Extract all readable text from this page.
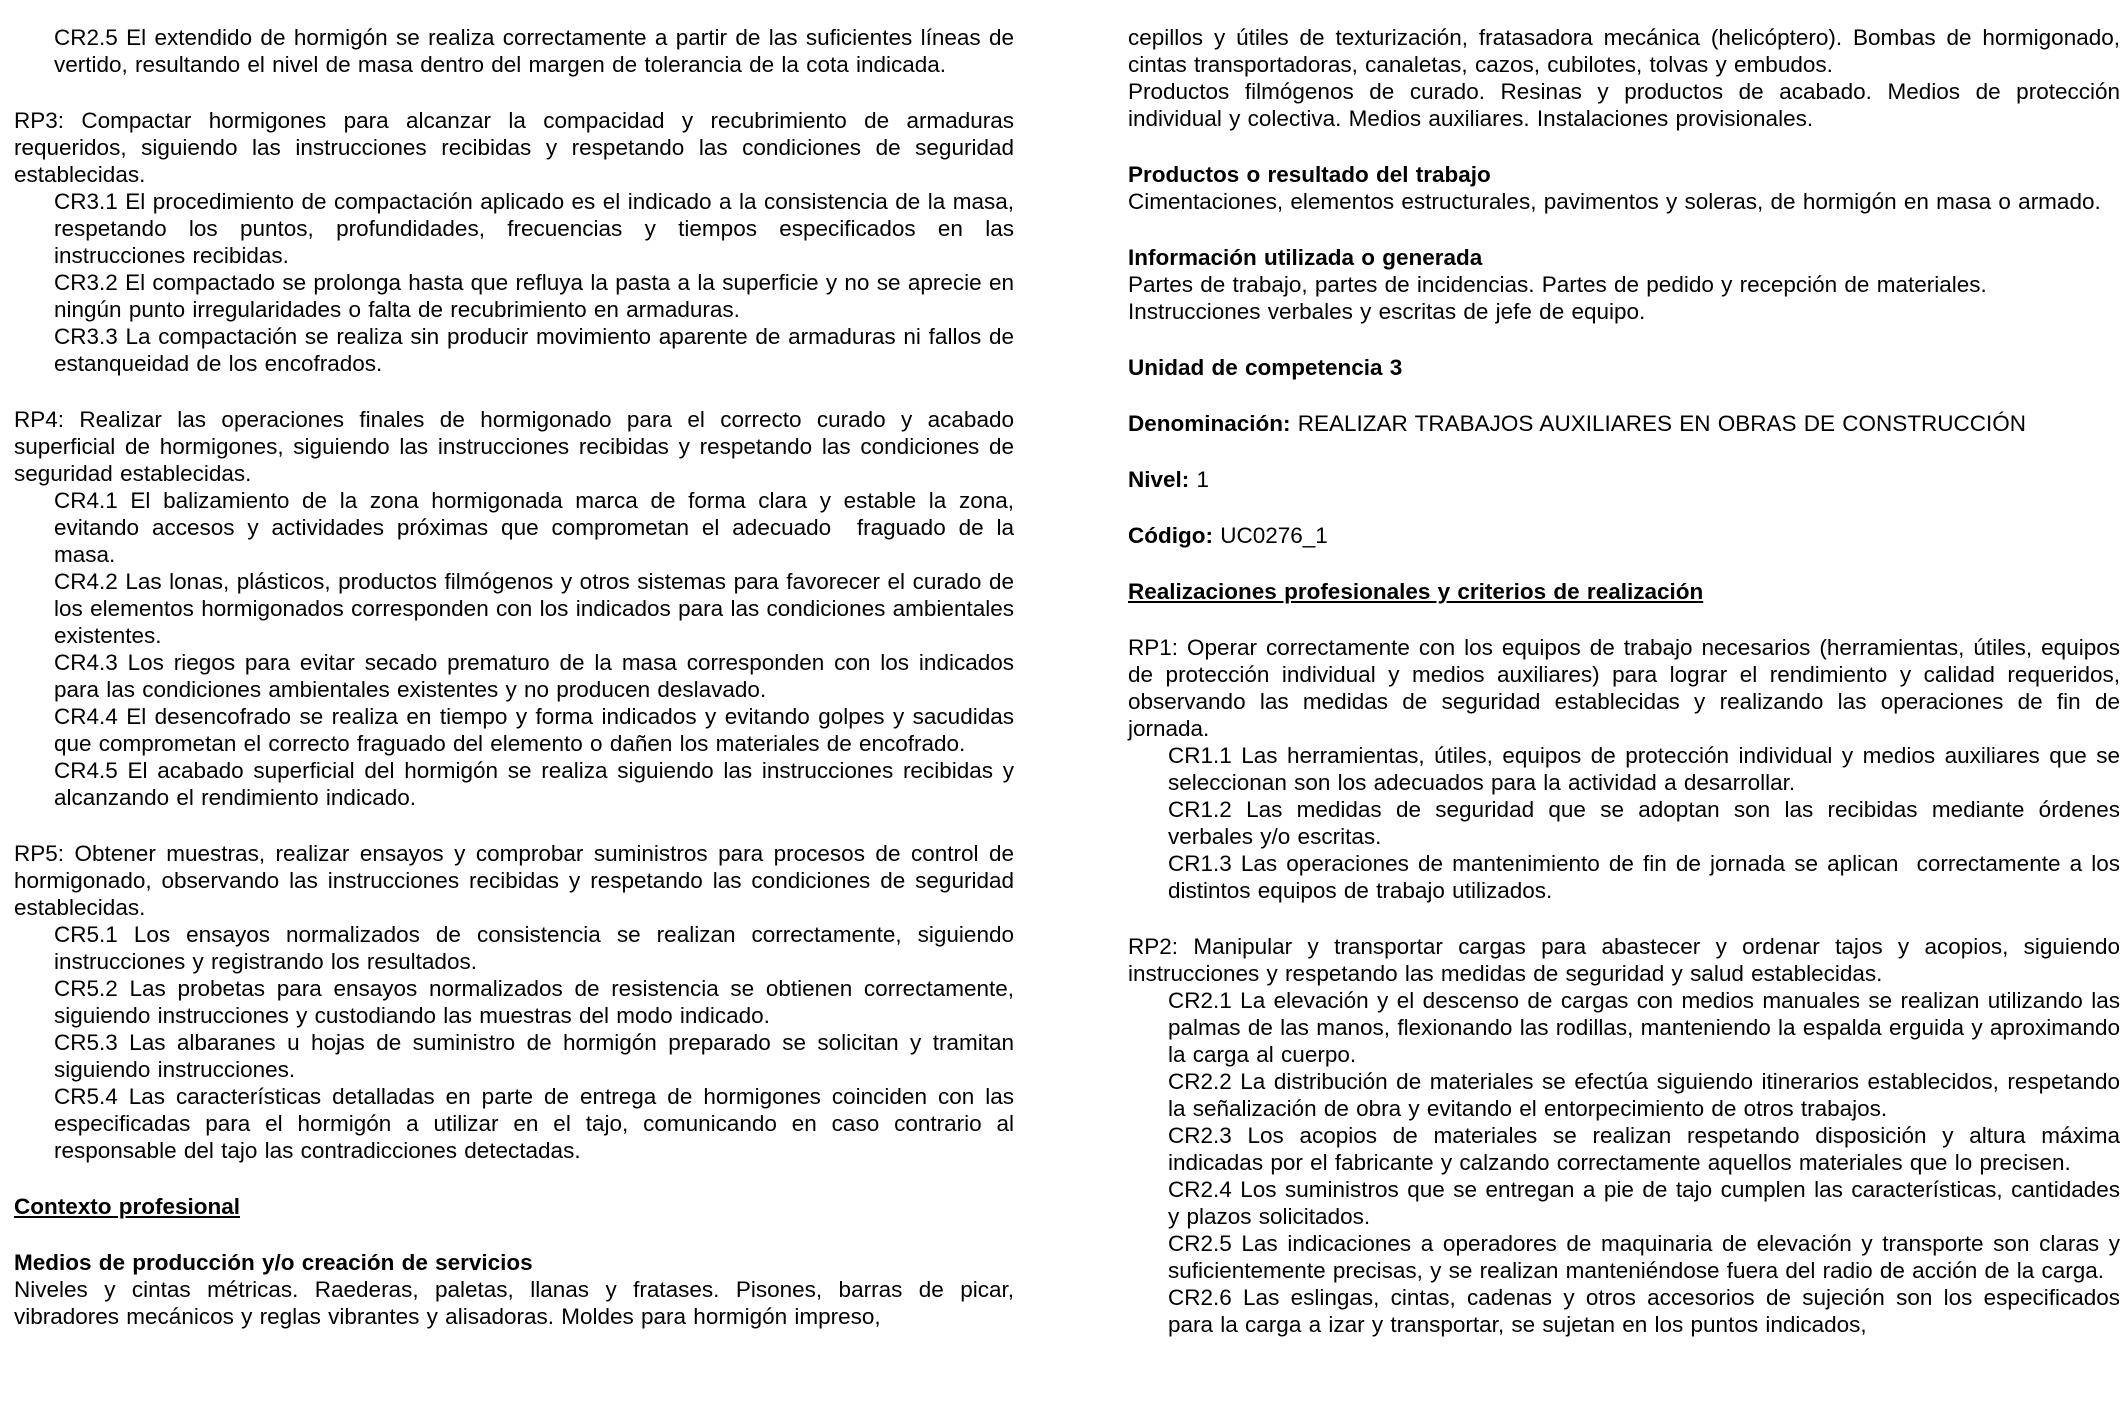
CR2.5 El extendido de hormigón se realiza correctamente a partir de las suficientes líneas de vertido, resultando el nivel de masa dentro del margen de tolerancia de la cota indicada.

RP3: Compactar hormigones para alcanzar la compacidad y recubrimiento de armaduras requeridos, siguiendo las instrucciones recibidas y respetando las condiciones de seguridad establecidas.

CR3.1 El procedimiento de compactación aplicado es el indicado a la consistencia de la masa, respetando los puntos, profundidades, frecuencias y tiempos especificados en las instrucciones recibidas.

CR3.2 El compactado se prolonga hasta que refluya la pasta a la superficie y no se aprecie en ningún punto irregularidades o falta de recubrimiento en armaduras.

CR3.3 La compactación se realiza sin producir movimiento aparente de armaduras ni fallos de estanqueidad de los encofrados.

RP4: Realizar las operaciones finales de hormigonado para el correcto curado y acabado superficial de hormigones, siguiendo las instrucciones recibidas y respetando las condiciones de seguridad establecidas.

CR4.1 El balizamiento de la zona hormigonada marca de forma clara y estable la zona, evitando accesos y actividades próximas que comprometan el adecuado  fraguado de la masa.

CR4.2 Las lonas, plásticos, productos filmógenos y otros sistemas para favorecer el curado de los elementos hormigonados corresponden con los indicados para las condiciones ambientales existentes.

CR4.3 Los riegos para evitar secado prematuro de la masa corresponden con los indicados para las condiciones ambientales existentes y no producen deslavado.

CR4.4 El desencofrado se realiza en tiempo y forma indicados y evitando golpes y sacudidas que comprometan el correcto fraguado del elemento o dañen los materiales de encofrado.

CR4.5 El acabado superficial del hormigón se realiza siguiendo las instrucciones recibidas y alcanzando el rendimiento indicado.

RP5: Obtener muestras, realizar ensayos y comprobar suministros para procesos de control de hormigonado, observando las instrucciones recibidas y respetando las condiciones de seguridad establecidas.

CR5.1 Los ensayos normalizados de consistencia se realizan correctamente, siguiendo instrucciones y registrando los resultados.

CR5.2 Las probetas para ensayos normalizados de resistencia se obtienen correctamente, siguiendo instrucciones y custodiando las muestras del modo indicado.

CR5.3 Las albaranes u hojas de suministro de hormigón preparado se solicitan y tramitan siguiendo instrucciones.

CR5.4 Las características detalladas en parte de entrega de hormigones coinciden con las especificadas para el hormigón a utilizar en el tajo, comunicando en caso contrario al responsable del tajo las contradicciones detectadas.

Contexto profesional

Medios de producción y/o creación de servicios

Niveles y cintas métricas. Raederas, paletas, llanas y fratases. Pisones, barras de picar, vibradores mecánicos y reglas vibrantes y alisadoras. Moldes para hormigón impreso,

cepillos y útiles de texturización, fratasadora mecánica (helicóptero). Bombas de hormigonado, cintas transportadoras, canaletas, cazos, cubilotes, tolvas y embudos.

Productos filmógenos de curado. Resinas y productos de acabado. Medios de protección individual y colectiva. Medios auxiliares. Instalaciones provisionales.

Productos o resultado del trabajo

Cimentaciones, elementos estructurales, pavimentos y soleras, de hormigón en masa o armado.

Información utilizada o generada

Partes de trabajo, partes de incidencias. Partes de pedido y recepción de materiales.

Instrucciones verbales y escritas de jefe de equipo.

Unidad de competencia 3

Denominación: REALIZAR TRABAJOS AUXILIARES EN OBRAS DE CONSTRUCCIÓN

Nivel: 1

Código: UC0276_1

Realizaciones profesionales y criterios de realización

RP1: Operar correctamente con los equipos de trabajo necesarios (herramientas, útiles, equipos de protección individual y medios auxiliares) para lograr el rendimiento y calidad requeridos, observando las medidas de seguridad establecidas y realizando las operaciones de fin de jornada.

CR1.1 Las herramientas, útiles, equipos de protección individual y medios auxiliares que se seleccionan son los adecuados para la actividad a desarrollar.

CR1.2 Las medidas de seguridad que se adoptan son las recibidas mediante órdenes verbales y/o escritas.

CR1.3 Las operaciones de mantenimiento de fin de jornada se aplican  correctamente a los distintos equipos de trabajo utilizados.

RP2: Manipular y transportar cargas para abastecer y ordenar tajos y acopios, siguiendo instrucciones y respetando las medidas de seguridad y salud establecidas.

CR2.1 La elevación y el descenso de cargas con medios manuales se realizan utilizando las palmas de las manos, flexionando las rodillas, manteniendo la espalda erguida y aproximando la carga al cuerpo.

CR2.2 La distribución de materiales se efectúa siguiendo itinerarios establecidos, respetando la señalización de obra y evitando el entorpecimiento de otros trabajos.

CR2.3 Los acopios de materiales se realizan respetando disposición y altura máxima indicadas por el fabricante y calzando correctamente aquellos materiales que lo precisen.

CR2.4 Los suministros que se entregan a pie de tajo cumplen las características, cantidades y plazos solicitados.

CR2.5 Las indicaciones a operadores de maquinaria de elevación y transporte son claras y suficientemente precisas, y se realizan manteniéndose fuera del radio de acción de la carga.

CR2.6 Las eslingas, cintas, cadenas y otros accesorios de sujeción son los especificados para la carga a izar y transportar, se sujetan en los puntos indicados,
